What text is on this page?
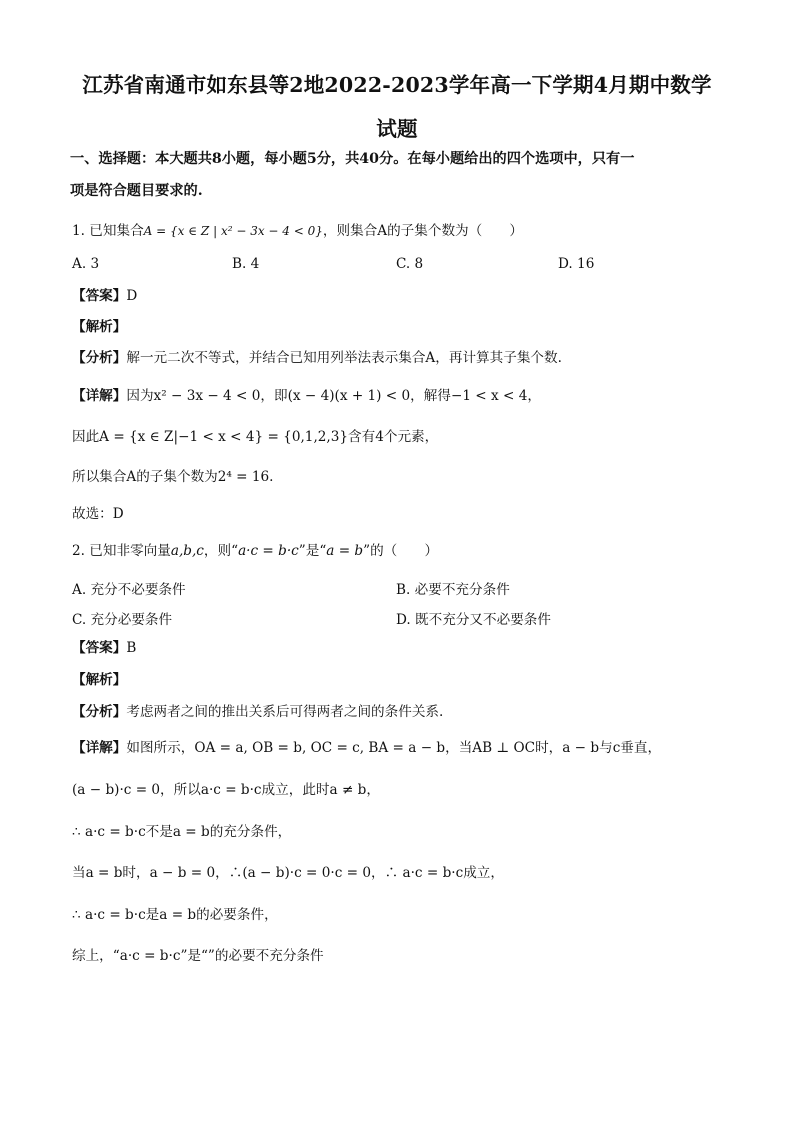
江苏省南通市如东县等2地2022-2023学年高一下学期4月期中数学
试题
一、选择题：本大题共8小题，每小题5分，共40分。在每小题给出的四个选项中，只有一
项是符合题目要求的.
1. 已知集合A = {x ∈ Z | x² − 3x − 4 < 0}，则集合A的子集个数为（　　）
A. 3	B. 4	C. 8	D. 16
【答案】D
【解析】
【分析】解一元二次不等式，并结合已知用列举法表示集合A，再计算其子集个数.
【详解】因为x² − 3x − 4 < 0，即(x − 4)(x + 1) < 0，解得−1 < x < 4，
因此A = {x ∈ Z|−1 < x < 4} = {0,1,2,3}含有4个元素，
所以集合A的子集个数为2⁴ = 16.
故选：D
2. 已知非零向量a,b,c，则“a·c = b·c”是“a = b”的（　　）
A. 充分不必要条件	B. 必要不充分条件
C. 充分必要条件	D. 既不充分又不必要条件
【答案】B
【解析】
【分析】考虑两者之间的推出关系后可得两者之间的条件关系.
【详解】如图所示，OA = a, OB = b, OC = c, BA = a − b，当AB ⊥ OC时，a − b与c垂直，
(a − b)·c = 0，所以a·c = b·c成立，此时a ≠ b，
∴ a·c = b·c不是a = b的充分条件，
当a = b时，a − b = 0，∴(a − b)·c = 0·c = 0，∴ a·c = b·c成立，
∴ a·c = b·c是a = b的必要条件，
综上，“a·c = b·c”是“”的必要不充分条件
